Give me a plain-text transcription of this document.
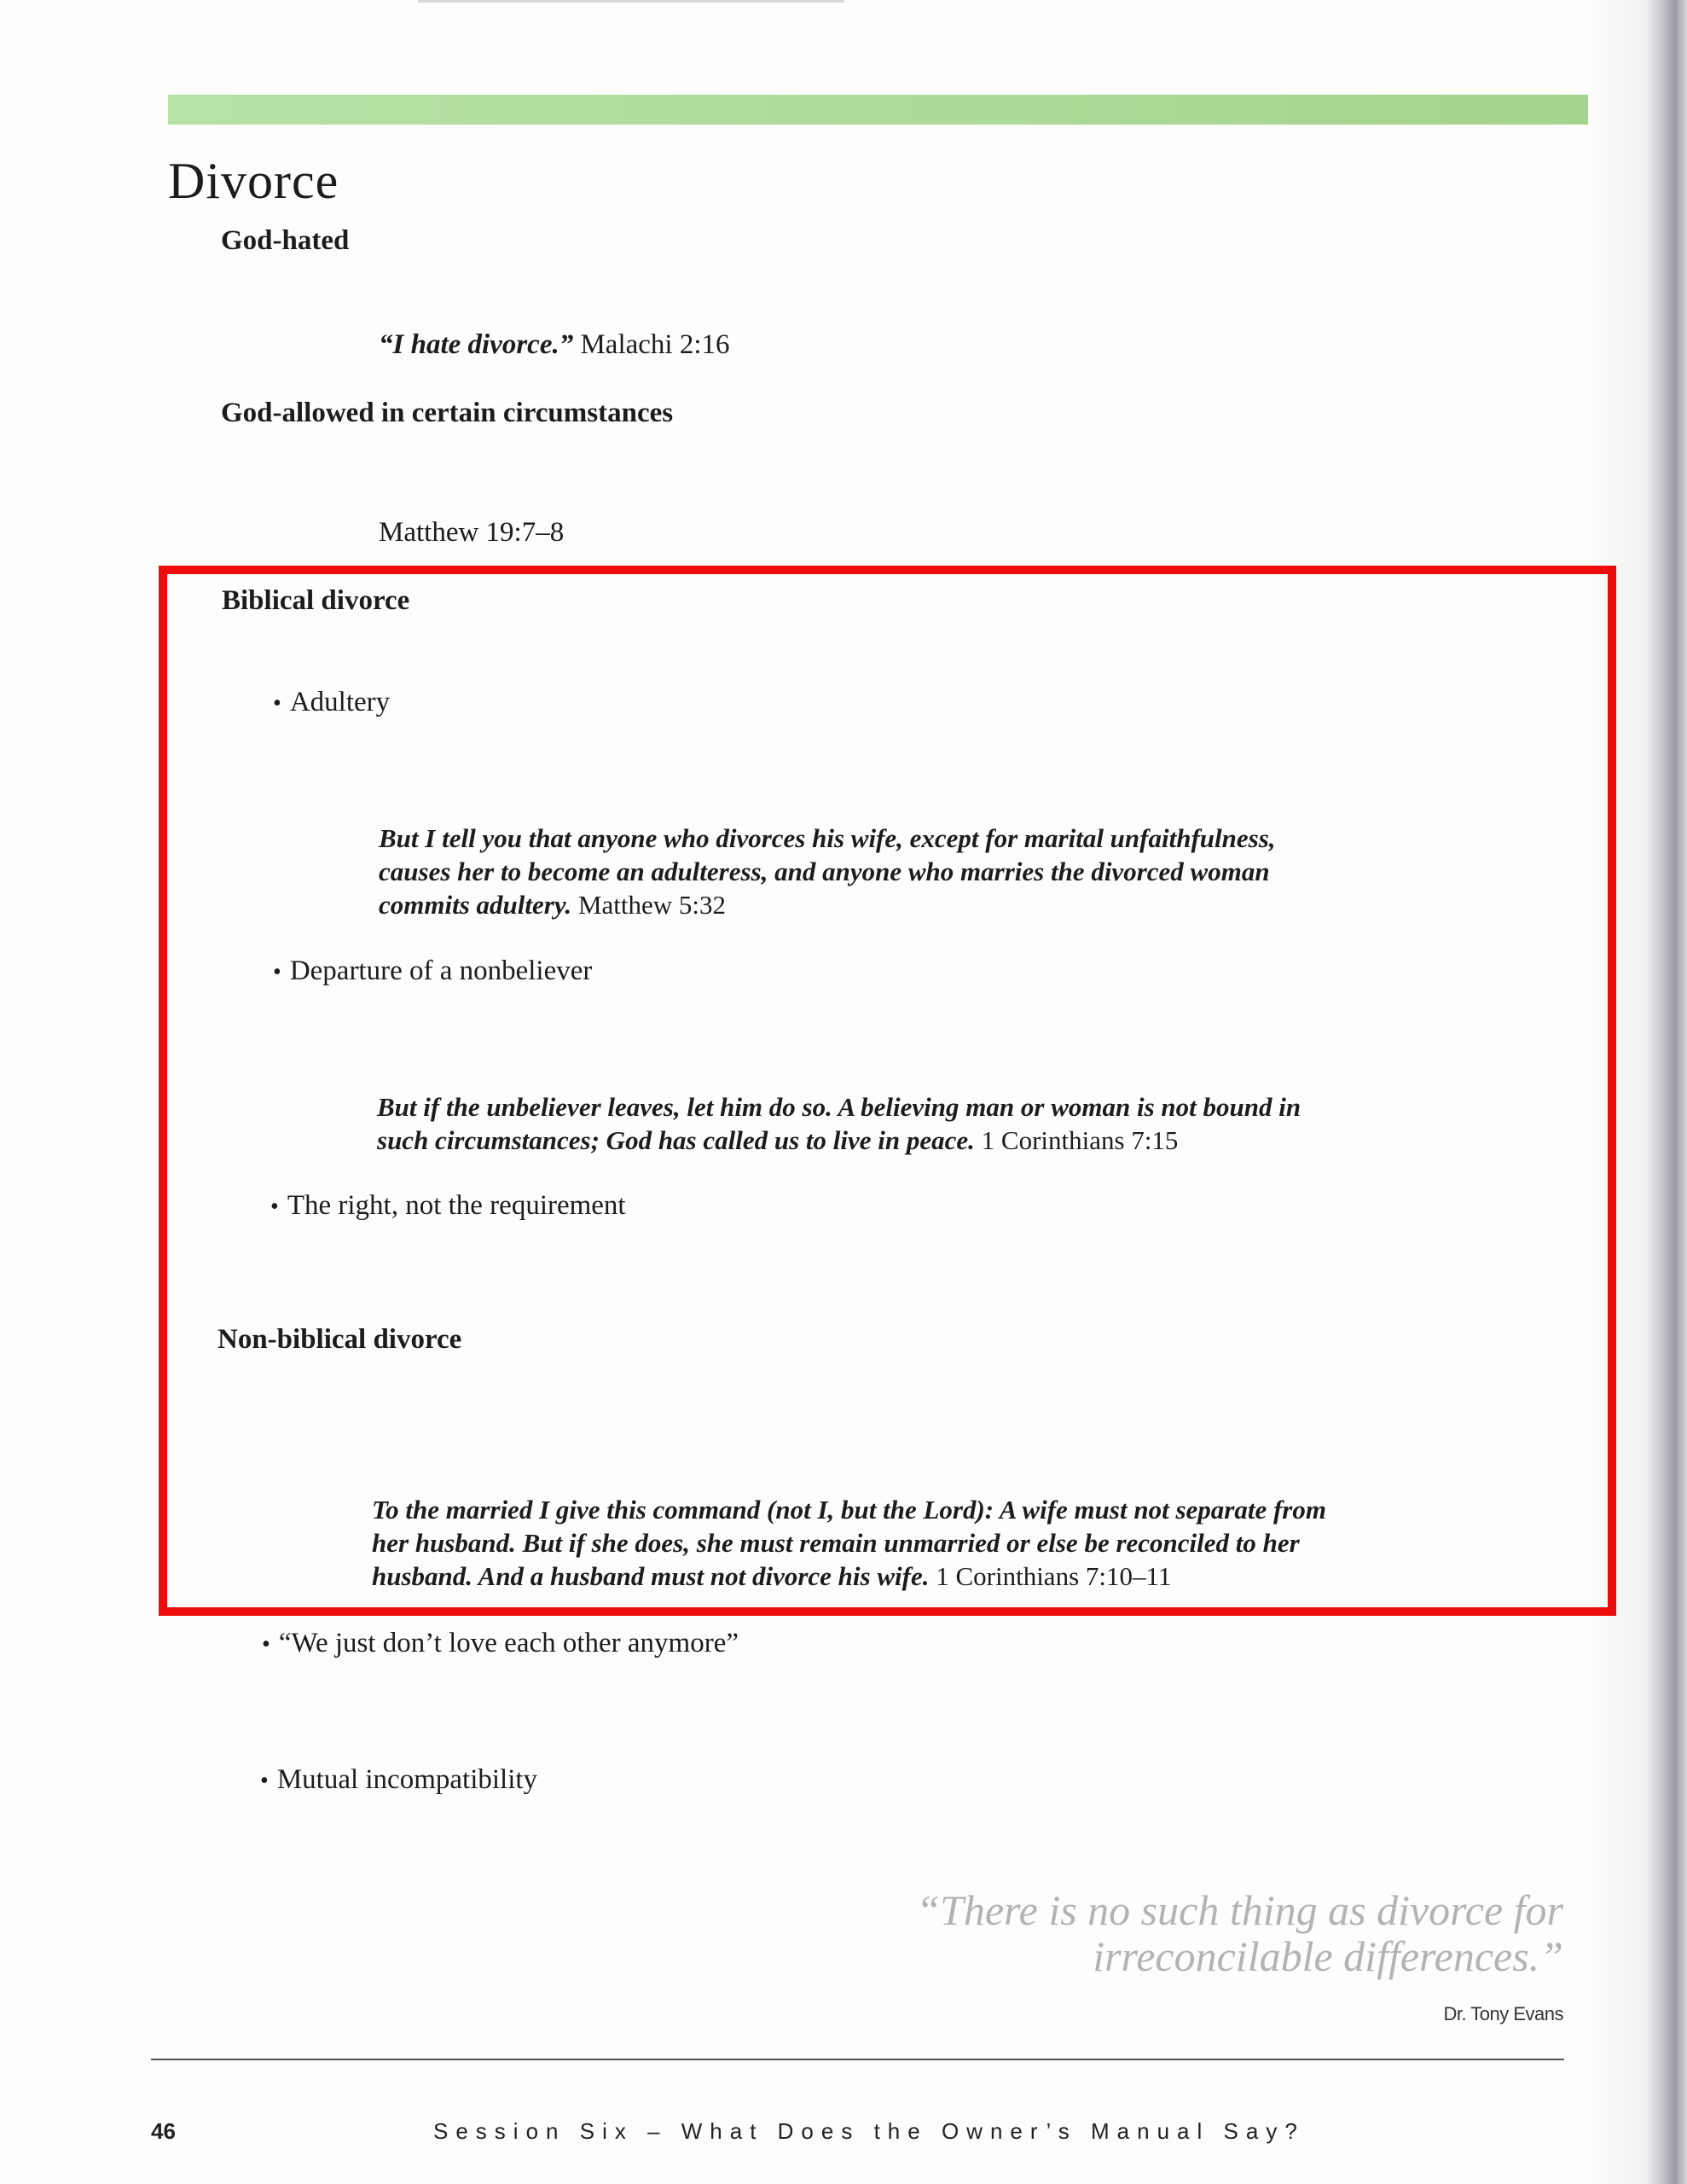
Divorce

God-hated

“I hate divorce.” Malachi 2:16

God-allowed in certain circumstances

Matthew 19:7–8

Biblical divorce

• Adultery

But I tell you that anyone who divorces his wife, except for marital unfaithfulness,
causes her to become an adulteress, and anyone who marries the divorced woman
commits adultery. Matthew 5:32

• Departure of a nonbeliever

But if the unbeliever leaves, let him do so. A believing man or woman is not bound in
such circumstances; God has called us to live in peace. 1 Corinthians 7:15

• The right, not the requirement

Non-biblical divorce

To the married I give this command (not I, but the Lord): A wife must not separate from
her husband. But if she does, she must remain unmarried or else be reconciled to her
husband. And a husband must not divorce his wife. 1 Corinthians 7:10–11

• “We just don’t love each other anymore”

• Mutual incompatibility

“There is no such thing as divorce for
irreconcilable differences.”

Dr. Tony Evans

46	Session Six – What Does the Owner’s Manual Say?
